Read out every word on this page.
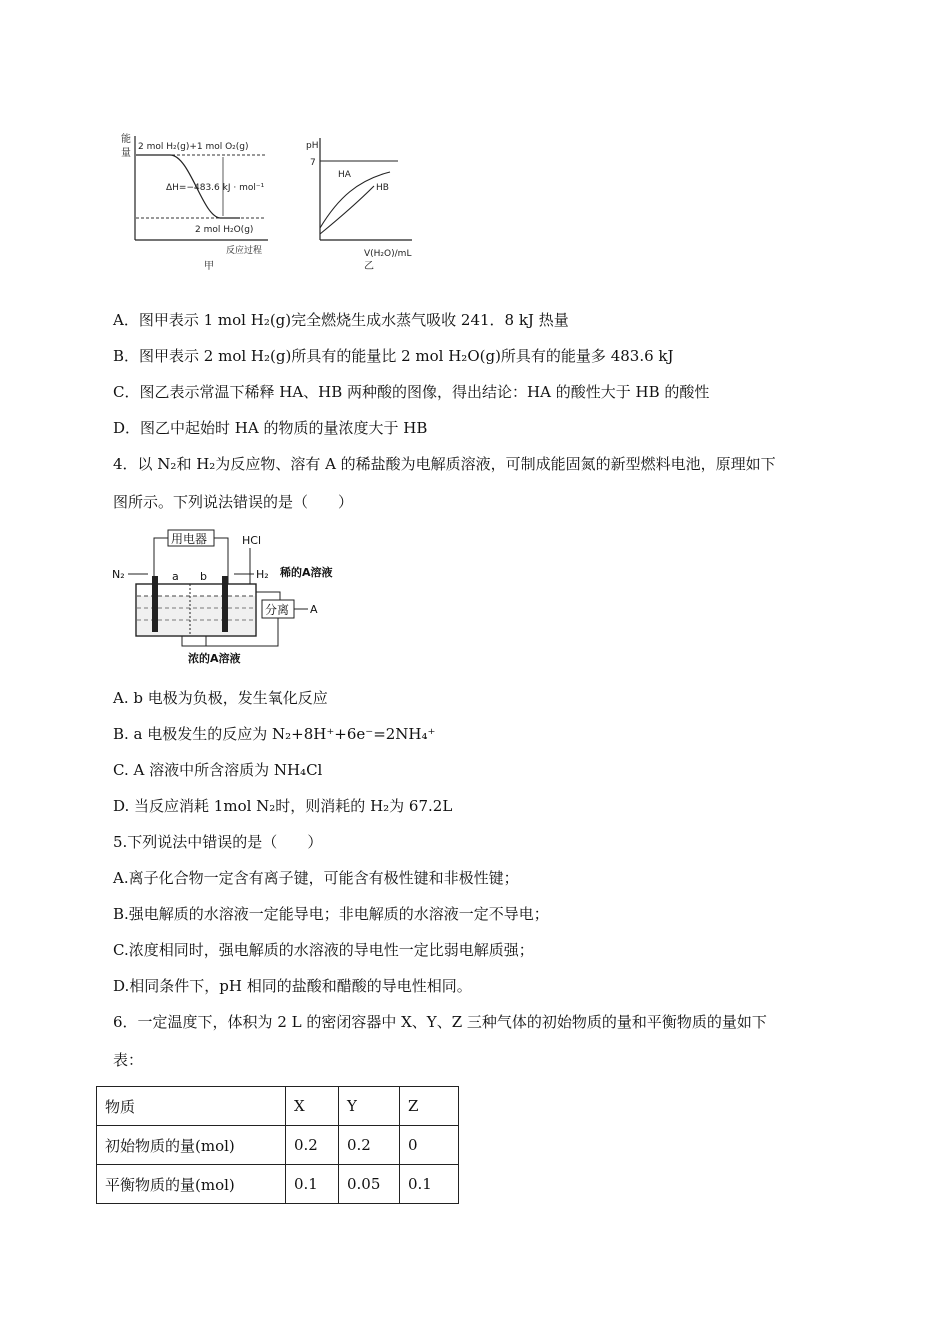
能
量
2 mol H₂(g)+1 mol O₂(g)
ΔH=−483.6 kJ · mol⁻¹
2 mol H₂O(g)
反应过程
甲
pH
7
HA
HB
V(H₂O)/mL
乙
A．图甲表示 1 mol H₂(g)完全燃烧生成水蒸气吸收 241．8 kJ 热量
B．图甲表示 2 mol H₂(g)所具有的能量比 2 mol H₂O(g)所具有的能量多 483.6 kJ
C．图乙表示常温下稀释 HA、HB 两种酸的图像，得出结论：HA 的酸性大于 HB 的酸性
D．图乙中起始时 HA 的物质的量浓度大于 HB
4．以 N₂和 H₂为反应物、溶有 A 的稀盐酸为电解质溶液，可制成能固氮的新型燃料电池，原理如下
图所示。下列说法错误的是（　　）
用电器	HCl
N₂	H₂
a b	稀的A溶液
分离 A
浓的A溶液
A. b 电极为负极，发生氧化反应
B. a 电极发生的反应为 N₂+8H⁺+6e⁻=2NH₄⁺
C. A 溶液中所含溶质为 NH₄Cl
D. 当反应消耗 1mol N₂时，则消耗的 H₂为 67.2L
5.下列说法中错误的是（　　）
A.离子化合物一定含有离子键，可能含有极性键和非极性键；
B.强电解质的水溶液一定能导电；非电解质的水溶液一定不导电；
C.浓度相同时，强电解质的水溶液的导电性一定比弱电解质强；
D.相同条件下，pH 相同的盐酸和醋酸的导电性相同。
6．一定温度下，体积为 2 L 的密闭容器中 X、Y、Z 三种气体的初始物质的量和平衡物质的量如下
表：
物质	X	Y	Z
初始物质的量(mol)	0.2	0.2	0
平衡物质的量(mol)	0.1	0.05	0.1
